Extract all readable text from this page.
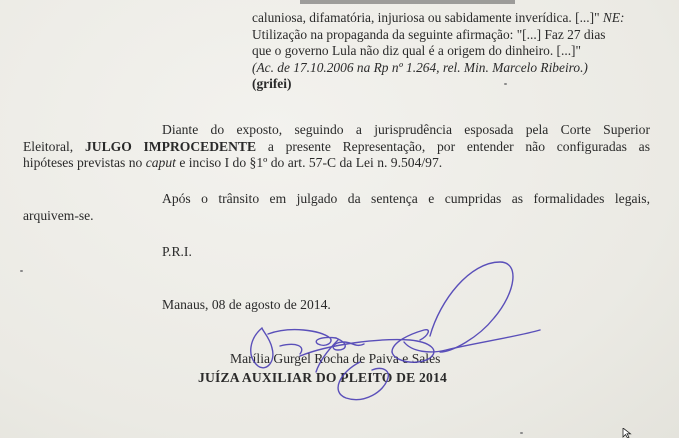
caluniosa, difamatória, injuriosa ou sabidamente inverídica. [...]" NE:
Utilização na propaganda da seguinte afirmação: "[...] Faz 27 dias
que o governo Lula não diz qual é a origem do dinheiro. [...]"
(Ac. de 17.10.2006 na Rp nº 1.264, rel. Min. Marcelo Ribeiro.)
(grifei)
Diante do exposto, seguindo a jurisprudência esposada pela Corte Superior
Eleitoral, JULGO IMPROCEDENTE a presente Representação, por entender não configuradas as
hipóteses previstas no caput e inciso I do §1º do art. 57-C da Lei n. 9.504/97.
Após o trânsito em julgado da sentença e cumpridas as formalidades legais,
arquivem-se.
P.R.I.
Manaus, 08 de agosto de 2014.
Marília Gurgel Rocha de Paiva e Sales
JUÍZA AUXILIAR DO PLEITO DE 2014
